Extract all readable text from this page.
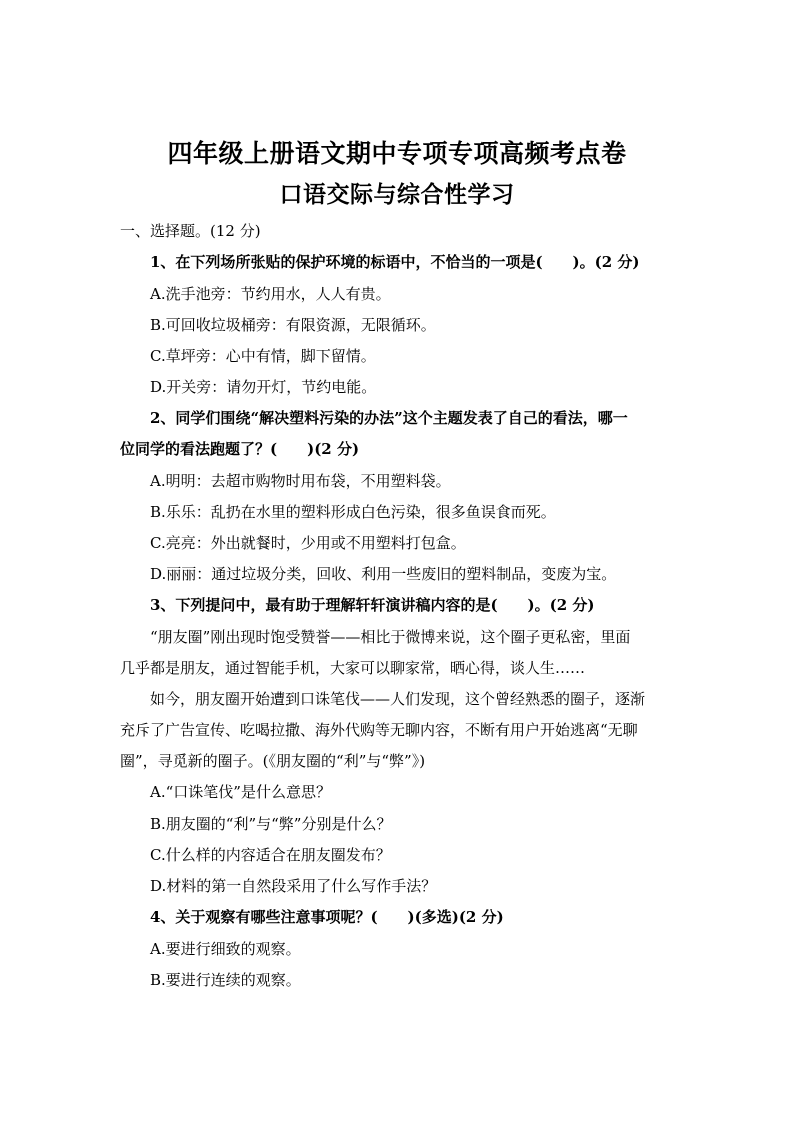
四年级上册语文期中专项专项高频考点卷
口语交际与综合性学习
一、选择题。(12 分)
1、在下列场所张贴的保护环境的标语中，不恰当的一项是(　　)。(2 分)
A.洗手池旁：节约用水，人人有贵。
B.可回收垃圾桶旁：有限资源，无限循环。
C.草坪旁：心中有情，脚下留情。
D.开关旁：请勿开灯，节约电能。
2、同学们围绕“解决塑料污染的办法”这个主题发表了自己的看法，哪一
位同学的看法跑题了？(　　)(2 分)
A.明明：去超市购物时用布袋，不用塑料袋。
B.乐乐：乱扔在水里的塑料形成白色污染，很多鱼误食而死。
C.亮亮：外出就餐时，少用或不用塑料打包盒。
D.丽丽：通过垃圾分类，回收、利用一些废旧的塑料制品，变废为宝。
3、下列提问中，最有助于理解轩轩演讲稿内容的是(　　)。(2 分)
“朋友圈”刚出现时饱受赞誉——相比于微博来说，这个圈子更私密，里面
几乎都是朋友，通过智能手机，大家可以聊家常，晒心得，谈人生……
如今，朋友圈开始遭到口诛笔伐——人们发现，这个曾经熟悉的圈子，逐渐
充斥了广告宣传、吃喝拉撒、海外代购等无聊内容，不断有用户开始逃离“无聊
圈”，寻觅新的圈子。(《朋友圈的“利”与“弊”》)
A.“口诛笔伐”是什么意思？
B.朋友圈的“利”与“弊”分别是什么？
C.什么样的内容适合在朋友圈发布？
D.材料的第一自然段采用了什么写作手法？
4、关于观察有哪些注意事项呢？(　　)(多选)(2 分)
A.要进行细致的观察。
B.要进行连续的观察。
